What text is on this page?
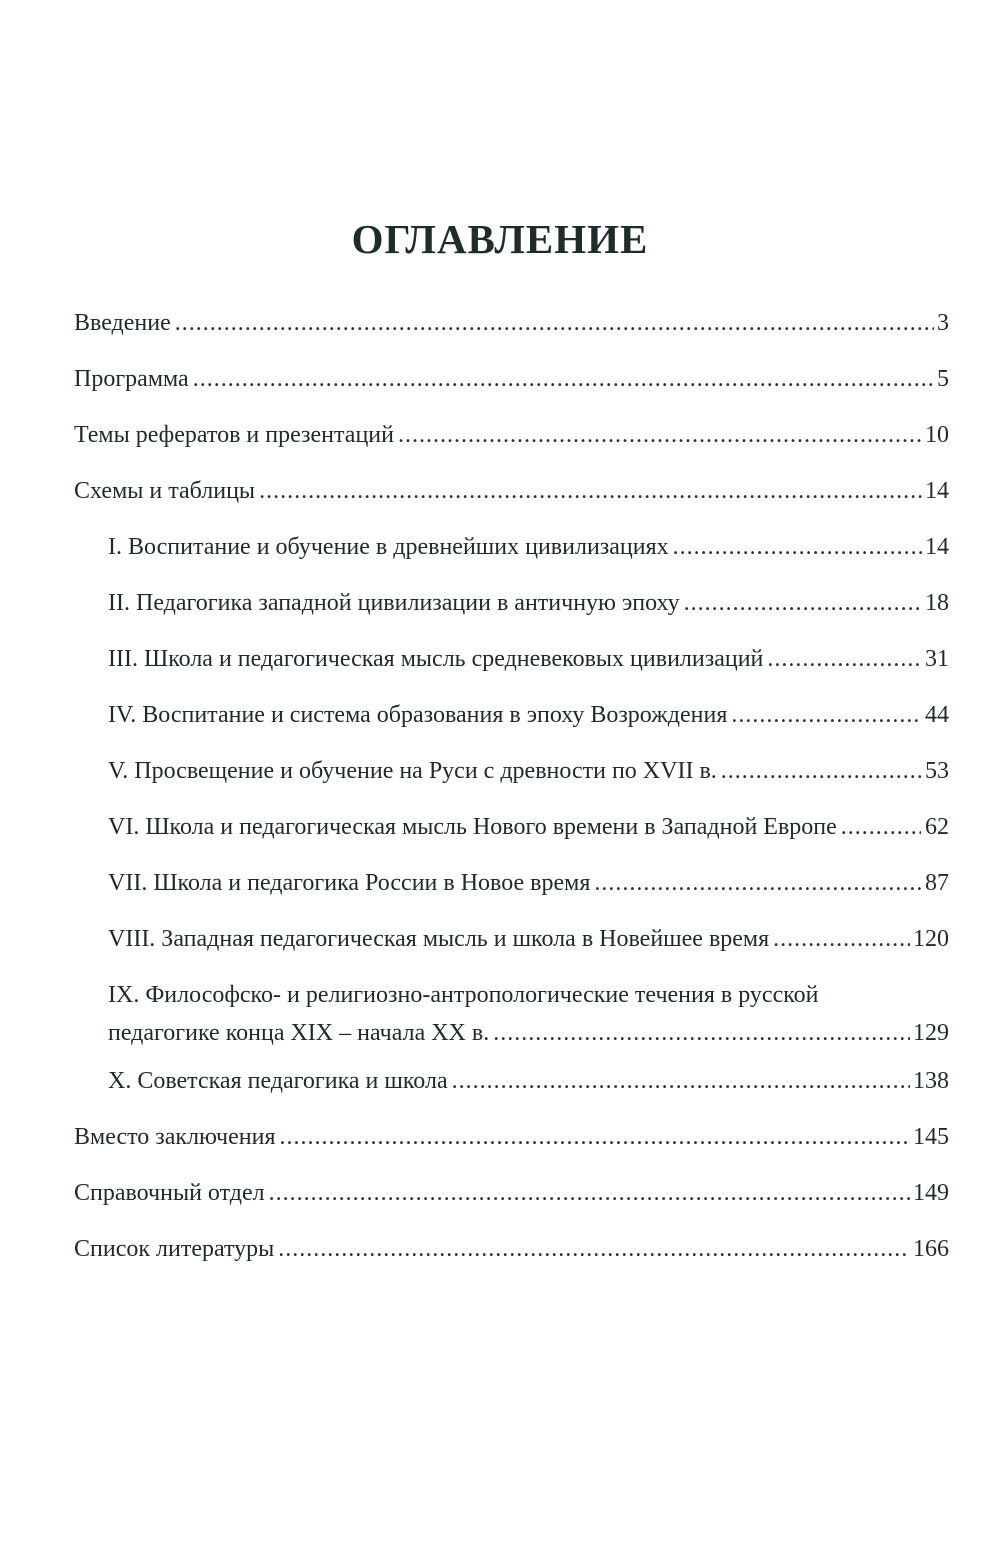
ОГЛАВЛЕНИЕ
Введение .....	3
Программа .....	5
Темы рефератов и презентаций .....	10
Схемы и таблицы .....	14
I. Воспитание и обучение в древнейших цивилизациях .....	14
II. Педагогика западной цивилизации в античную эпоху .....	18
III. Школа и педагогическая мысль средневековых цивилизаций .....	31
IV. Воспитание и система образования в эпоху Возрождения .....	44
V. Просвещение и обучение на Руси с древности по XVII в. .....	53
VI. Школа и педагогическая мысль Нового времени в Западной Европе .....	62
VII. Школа и педагогика России в Новое время .....	87
VIII. Западная педагогическая мысль и школа в Новейшее время .....	120
IX. Философско- и религиозно-антропологические течения в русской
педагогике конца XIX – начала XX в. .....	129
X. Советская педагогика и школа .....	138
Вместо заключения .....	145
Справочный отдел .....	149
Список литературы .....	166
